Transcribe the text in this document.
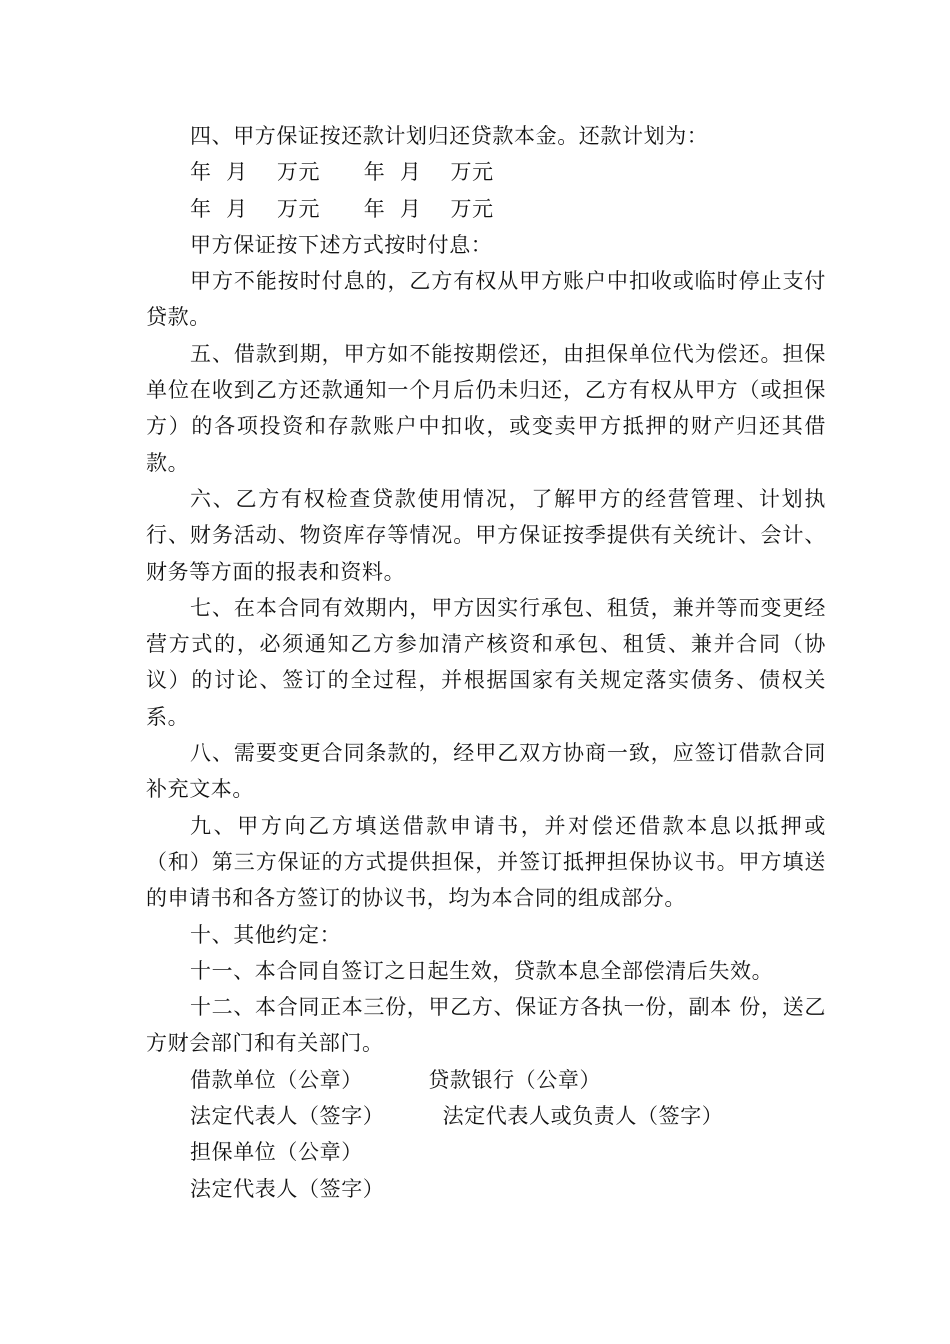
四、甲方保证按还款计划归还贷款本金。还款计划为：

年  月    万元      年  月    万元
年  月    万元      年  月    万元

甲方保证按下述方式按时付息：

甲方不能按时付息的，乙方有权从甲方账户中扣收或临时停止支付贷款。

五、借款到期，甲方如不能按期偿还，由担保单位代为偿还。担保单位在收到乙方还款通知一个月后仍未归还，乙方有权从甲方（或担保方）的各项投资和存款账户中扣收，或变卖甲方抵押的财产归还其借款。

六、乙方有权检查贷款使用情况，了解甲方的经营管理、计划执行、财务活动、物资库存等情况。甲方保证按季提供有关统计、会计、财务等方面的报表和资料。

七、在本合同有效期内，甲方因实行承包、租赁，兼并等而变更经营方式的，必须通知乙方参加清产核资和承包、租赁、兼并合同（协议）的讨论、签订的全过程，并根据国家有关规定落实债务、债权关系。

八、需要变更合同条款的，经甲乙双方协商一致，应签订借款合同补充文本。

九、甲方向乙方填送借款申请书，并对偿还借款本息以抵押或（和）第三方保证的方式提供担保，并签订抵押担保协议书。甲方填送的申请书和各方签订的协议书，均为本合同的组成部分。

十、其他约定：

十一、本合同自签订之日起生效，贷款本息全部偿清后失效。

十二、本合同正本三份，甲乙方、保证方各执一份，副本 份，送乙方财会部门和有关部门。

借款单位（公章）         贷款银行（公章）
法定代表人（签字）        法定代表人或负责人（签字）
担保单位（公章）
法定代表人（签字）
